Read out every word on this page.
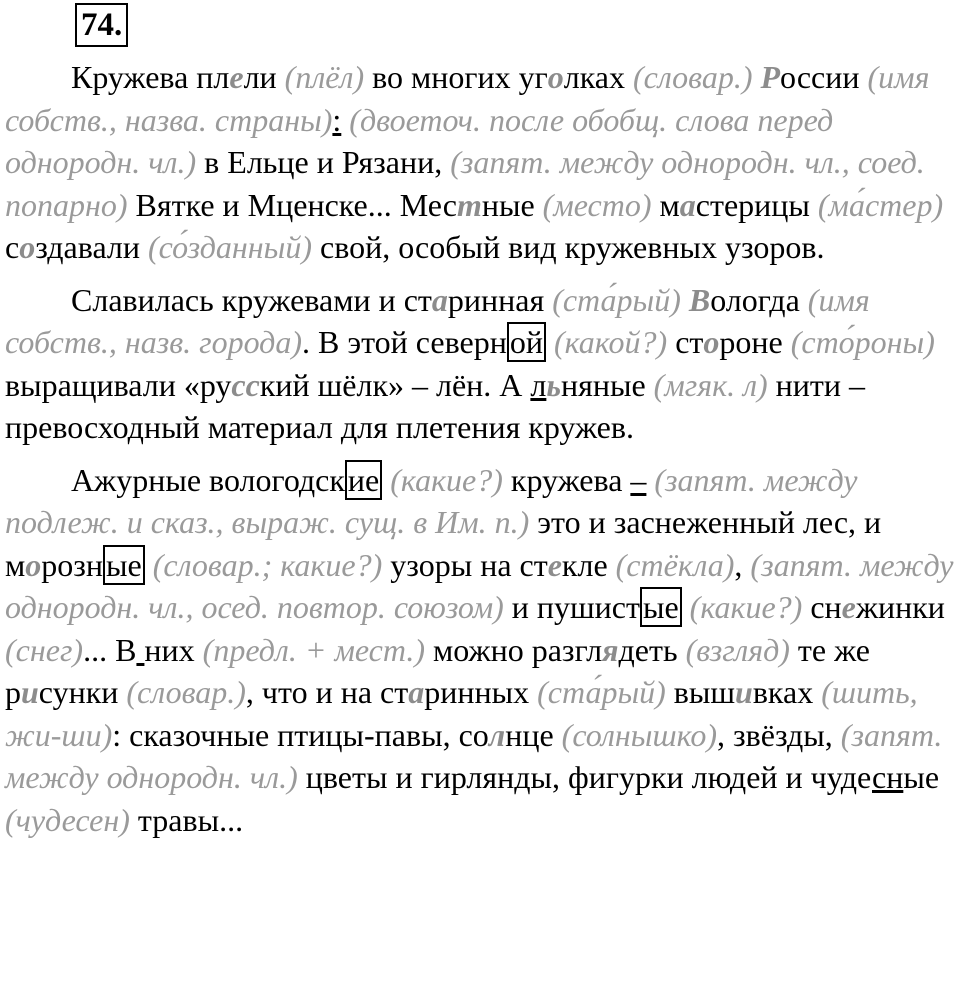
74.

Кружева плели (плёл) во многих уголках (словар.) России (имя собств., назва. страны): (двоеточ. после обобщ. слова перед однородн. чл.) в Ельце и Рязани, (запят. между однородн. чл., соед. попарно) Вятке и Мценске... Местные (место) мастерицы (ма́стер) создавали (со́зданный) свой, особый вид кружевных узоров.

Славилась кружевами и старинная (ста́рый) Вологда (имя собств., назв. города). В этой северной (какой?) стороне (сто́роны) выращивали «русский шёлк» – лён. А льняные (мгяк. л) нити – превосходный материал для плетения кружев.

Ажурные вологодские (какие?) кружева – (запят. между подлеж. и сказ., выраж. сущ. в Им. п.) это и заснеженный лес, и морозные (словар.; какие?) узоры на стекле (стёкла), (запят. между однородн. чл., осед. повтор. союзом) и пушистые (какие?) снежинки (снег)... В них (предл. + мест.) можно разглядеть (взгляд) те же рисунки (словар.), что и на старинных (ста́рый) вышивках (шить, жи-ши): сказочные птицы-павы, солнце (солнышко), звёзды, (запят. между однородн. чл.) цветы и гирлянды, фигурки людей и чудесные (чудесен) травы...
